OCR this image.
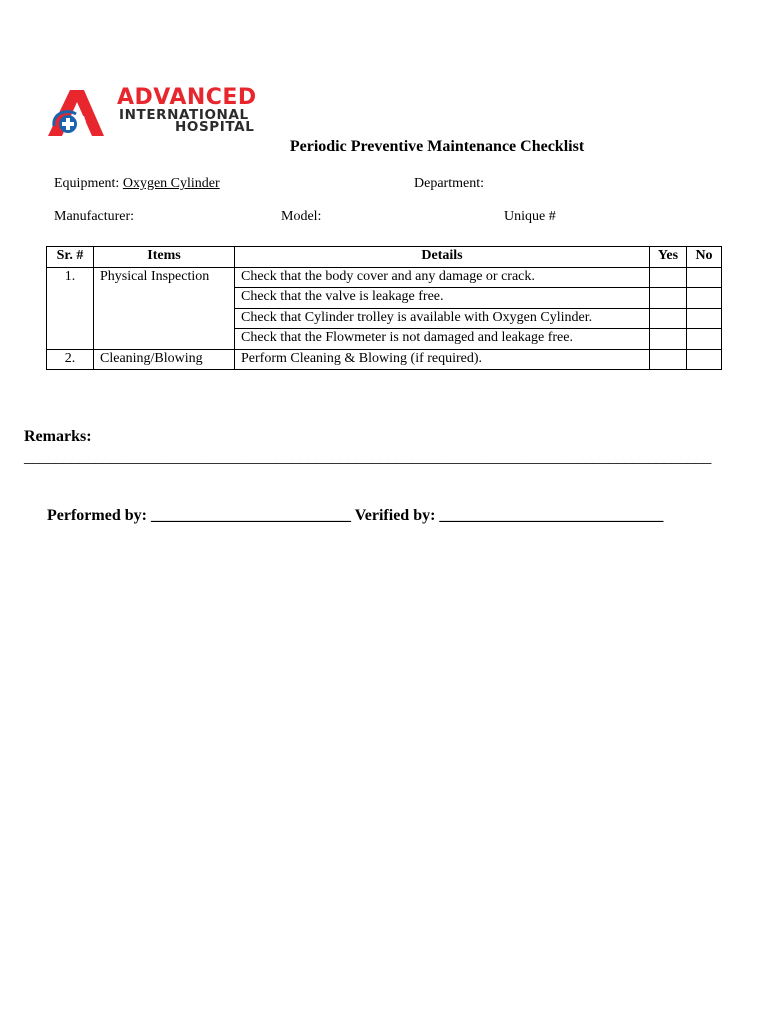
ADVANCED
INTERNATIONAL
HOSPITAL
Periodic Preventive Maintenance Checklist
Equipment: Oxygen Cylinder	Department:
Manufacturer:	Model:	Unique #
Sr. #	Items	Details	Yes	No
1.	Physical Inspection	Check that the body cover and any damage or crack.		
		Check that the valve is leakage free.		
		Check that Cylinder trolley is available with Oxygen Cylinder.		
		Check that the Flowmeter is not damaged and leakage free.		
2.	Cleaning/Blowing	Perform Cleaning & Blowing (if required).		
Remarks:
_______________________________________________________________________________________
Performed by: _________________________ Verified by: ____________________________
